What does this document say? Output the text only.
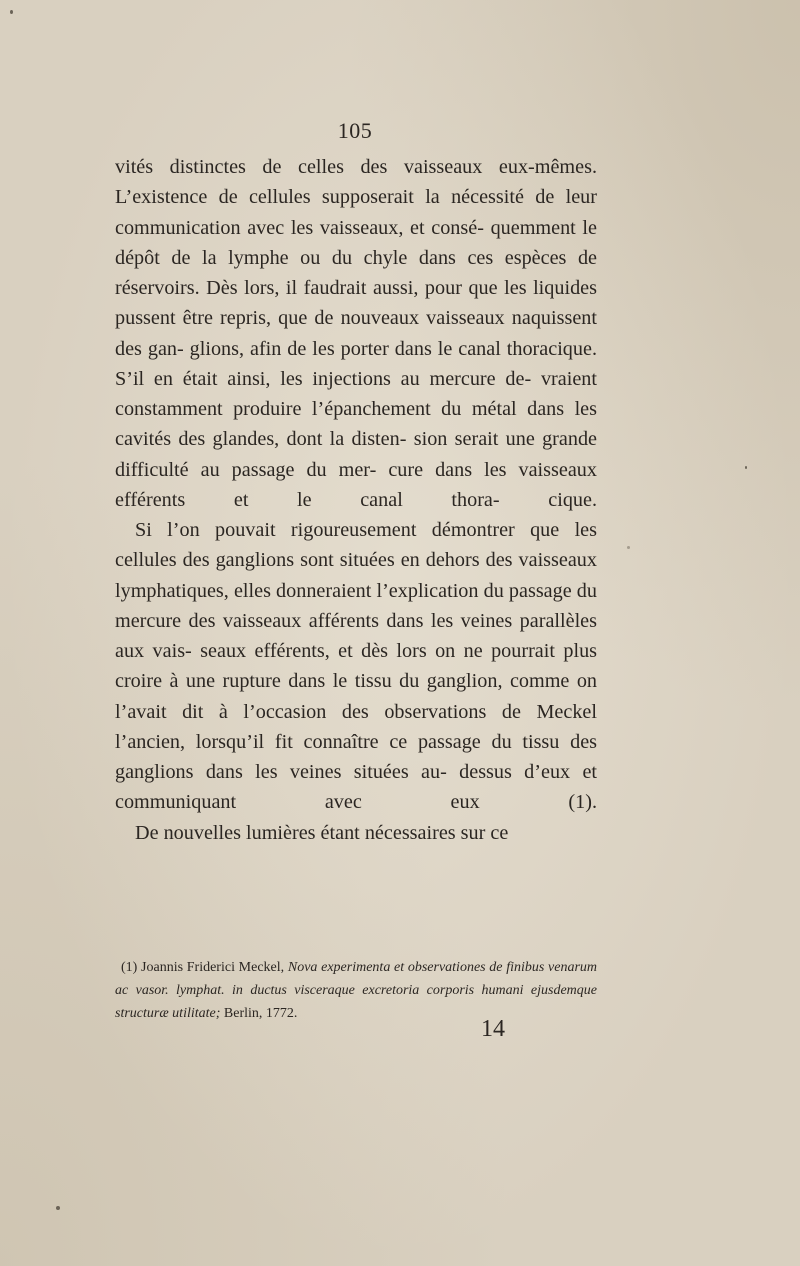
105

vités distinctes de celles des vaisseaux eux-mêmes. L’existence de cellules supposerait la nécessité de leur communication avec les vaisseaux, et consé- quemment le dépôt de la lymphe ou du chyle dans ces espèces de réservoirs. Dès lors, il faudrait aussi, pour que les liquides pussent être repris, que de nouveaux vaisseaux naquissent des gan- glions, afin de les porter dans le canal thoracique. S’il en était ainsi, les injections au mercure de- vraient constamment produire l’épanchement du métal dans les cavités des glandes, dont la disten- sion serait une grande difficulté au passage du mer- cure dans les vaisseaux efférents et le canal thora- cique.

Si l’on pouvait rigoureusement démontrer que les cellules des ganglions sont situées en dehors des vaisseaux lymphatiques, elles donneraient l’explication du passage du mercure des vaisseaux afférents dans les veines parallèles aux vais- seaux efférents, et dès lors on ne pourrait plus croire à une rupture dans le tissu du ganglion, comme on l’avait dit à l’occasion des observations de Meckel l’ancien, lorsqu’il fit connaître ce passage du tissu des ganglions dans les veines situées au- dessus d’eux et communiquant avec eux (1).

De nouvelles lumières étant nécessaires sur ce

(1) Joannis Friderici Meckel, Nova experimenta et observationes de finibus venarum ac vasor. lymphat. in ductus visceraque excretoria corporis humani ejusdemque structuræ utilitate; Berlin, 1772.

14
